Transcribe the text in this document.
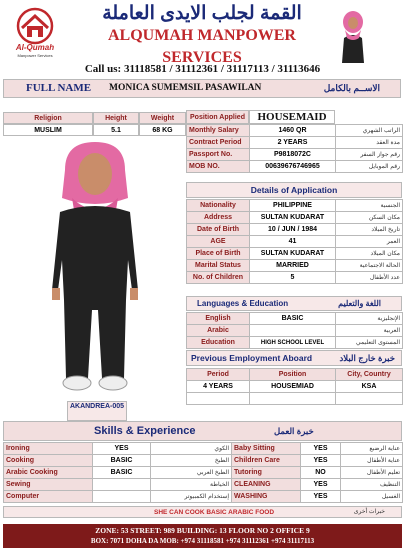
Al-Qumah
Manpower Services
القمة لجلب الايدى العاملة
ALQUMAH MANPOWER SERVICES
Call us: 31118581 / 31112361 / 31117113 / 31113646
FULL NAME MONICA SUMEMSIL PASAWILAN	الاســم بالكامل
Religion	Height	Weight
MUSLIM	5.1	68 KG
Position Applied	HOUSEMAID
Monthly Salary	1460 QR	الراتب الشهري
Contract Period	2 YEARS	مدة العقد
Passport No.	P9818072C	رقم جواز السفر
MOB NO.	00639676746965	رقم الموبايل
AKANDREA-005
Details of Application
Nationality	PHILIPPINE	الجنسية
Address	SULTAN KUDARAT	مكان السكن
Date of Birth	10 / JUN / 1984	تاريخ الميلاد
AGE	41	العمر
Place of Birth	SULTAN KUDARAT	مكان الميلاد
Marital Status	MARRIED	الحالة الاجتماعية
No. of Children	5	عدد الأطفال
Languages & Education	اللغة والتعليم
English	BASIC	الإنجليزية
Arabic		العربية
Education	HIGH SCHOOL LEVEL	المستوى التعليمي
Previous Employment Aboard	خبرة خارج البلاد
Period	Position	City, Country
4 YEARS	HOUSEMIAD	KSA

Skills & Experience	خبرة العمل
Ironing	YES	الكوي	Baby Sitting	YES	عناية الرضيع
Cooking	BASIC	الطبخ	Children Care	YES	عناية الأطفال
Arabic Cooking	BASIC	الطبخ العربي	Tutoring	NO	تعليم الأطفال
Sewing		الخياطة	CLEANING	YES	التنظيف
Computer		إستخدام الكمبيوتر	WASHING	YES	الغسيل
SHE CAN COOK BASIC ARABIC FOOD	خبرات أخرى
ZONE: 53 STREET: 989 BUILDING: 13 FLOOR NO 2 OFFICE 9
BOX: 7071 DOHA DA MOB: +974 31118581 +974 31112361 +974 31117113
